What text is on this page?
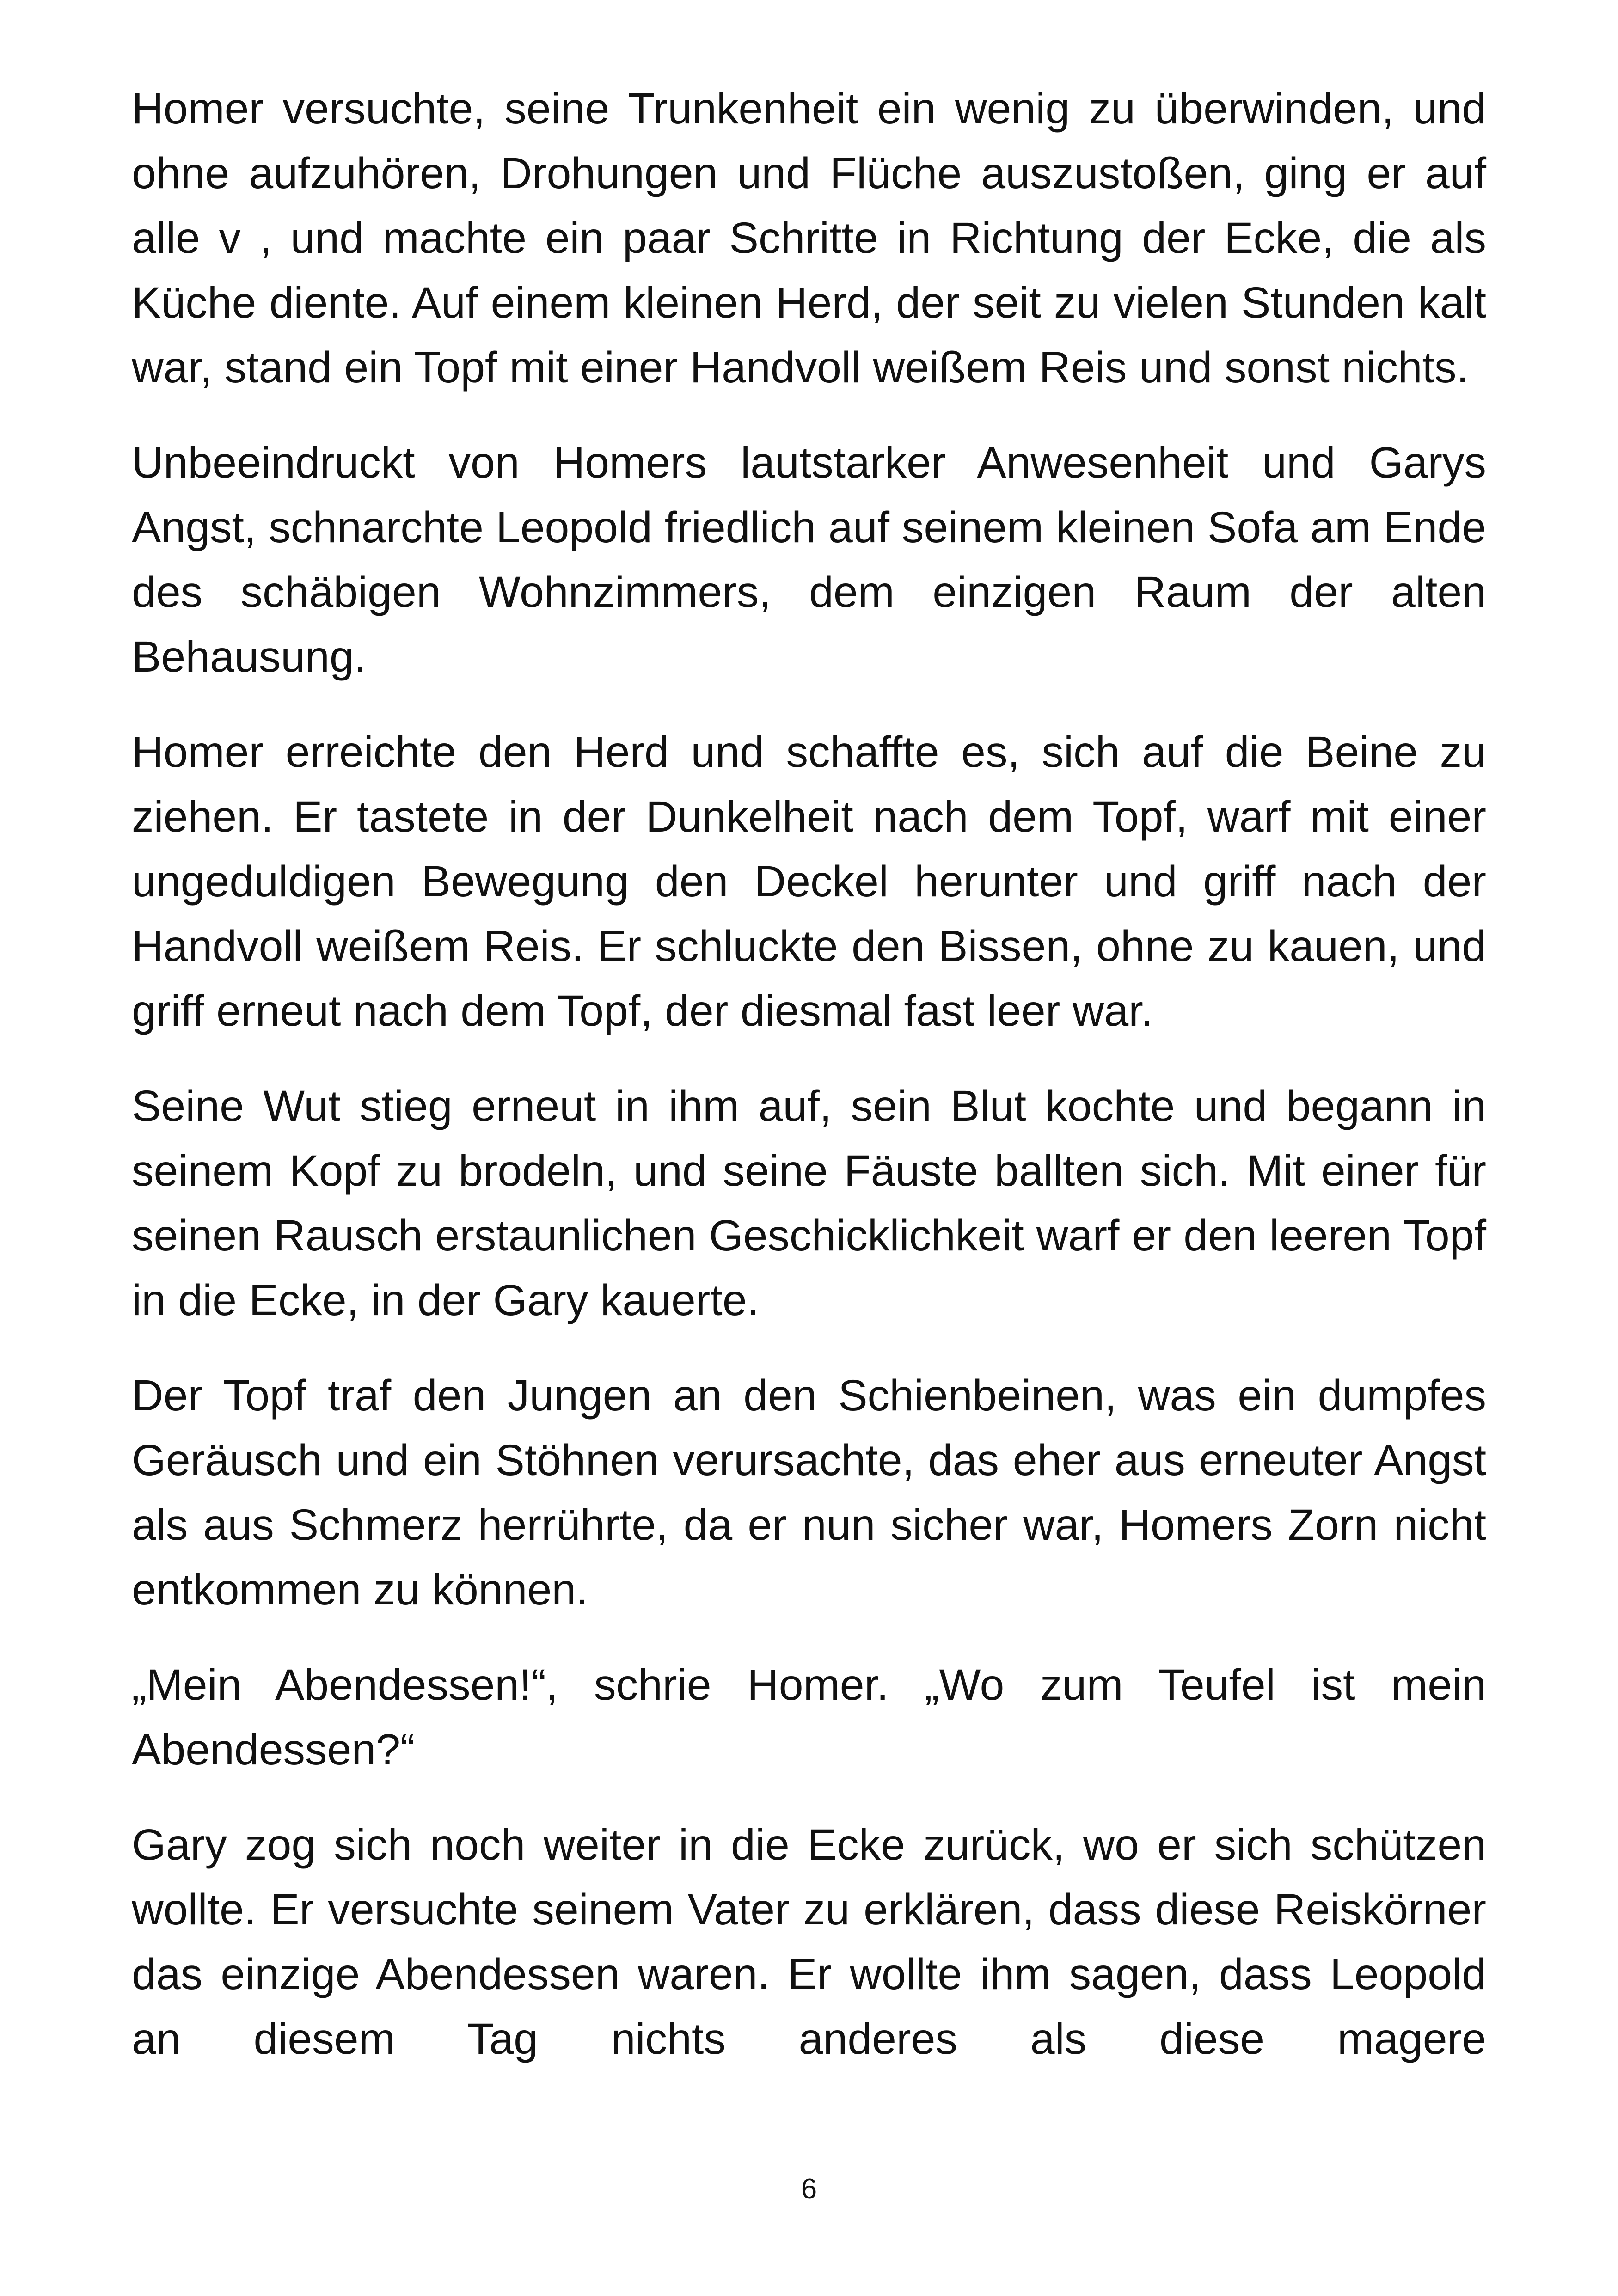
Homer versuchte, seine Trunkenheit ein wenig zu überwinden, und ohne aufzuhören, Drohungen und Flüche auszustoßen, ging er auf alle v , und machte ein paar Schritte in Richtung der Ecke, die als Küche diente. Auf einem kleinen Herd, der seit zu vielen Stunden kalt war, stand ein Topf mit einer Handvoll weißem Reis und sonst nichts.

Unbeeindruckt von Homers lautstarker Anwesenheit und Garys Angst, schnarchte Leopold friedlich auf seinem kleinen Sofa am Ende des schäbigen Wohnzimmers, dem einzigen Raum der alten Behausung.

Homer erreichte den Herd und schaffte es, sich auf die Beine zu ziehen. Er tastete in der Dunkelheit nach dem Topf, warf mit einer ungeduldigen Bewegung den Deckel herunter und griff nach der Handvoll weißem Reis. Er schluckte den Bissen, ohne zu kauen, und griff erneut nach dem Topf, der diesmal fast leer war.

Seine Wut stieg erneut in ihm auf, sein Blut kochte und begann in seinem Kopf zu brodeln, und seine Fäuste ballten sich. Mit einer für seinen Rausch erstaunlichen Geschicklichkeit warf er den leeren Topf in die Ecke, in der Gary kauerte.

Der Topf traf den Jungen an den Schienbeinen, was ein dumpfes Geräusch und ein Stöhnen verursachte, das eher aus erneuter Angst als aus Schmerz herrührte, da er nun sicher war, Homers Zorn nicht entkommen zu können.

„Mein Abendessen!“, schrie Homer. „Wo zum Teufel ist mein Abendessen?“

Gary zog sich noch weiter in die Ecke zurück, wo er sich schützen wollte. Er versuchte seinem Vater zu erklären, dass diese Reiskörner das einzige Abendessen waren. Er wollte ihm sagen, dass Leopold an diesem Tag nichts anderes als diese magere

6
